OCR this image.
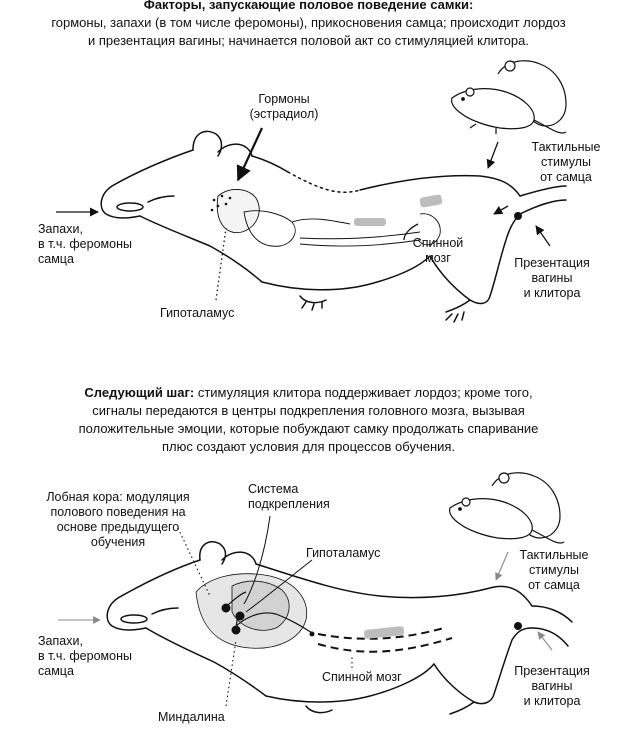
Факторы, запускающие половое поведение самки:
гормоны, запахи (в том числе феромоны), прикосновения самца; происходит лордоз
и презентация вагины; начинается половой акт со стимуляцией клитора.
Следующий шаг: стимуляция клитора поддерживает лордоз; кроме того,
сигналы передаются в центры подкрепления головного мозга, вызывая
положительные эмоции, которые побуждают самку продолжать спаривание
плюс создают условия для процессов обучения.
Гормоны
(эстрадиол)
Тактильные
стимулы
от самца
Запахи,
в т.ч. феромоны
самца
Спинной
мозг	Презентация
вагины
и клитора
Гипоталамус
Лобная кора: модуляция
полового поведения на
основе предыдущего
обучения
Система
подкрепления
Гипоталамус	Тактильные
стимулы
от самца
Запахи,
в т.ч. феромоны
самца	Спинной мозг	Презентация
вагины
и клитора
Миндалина
